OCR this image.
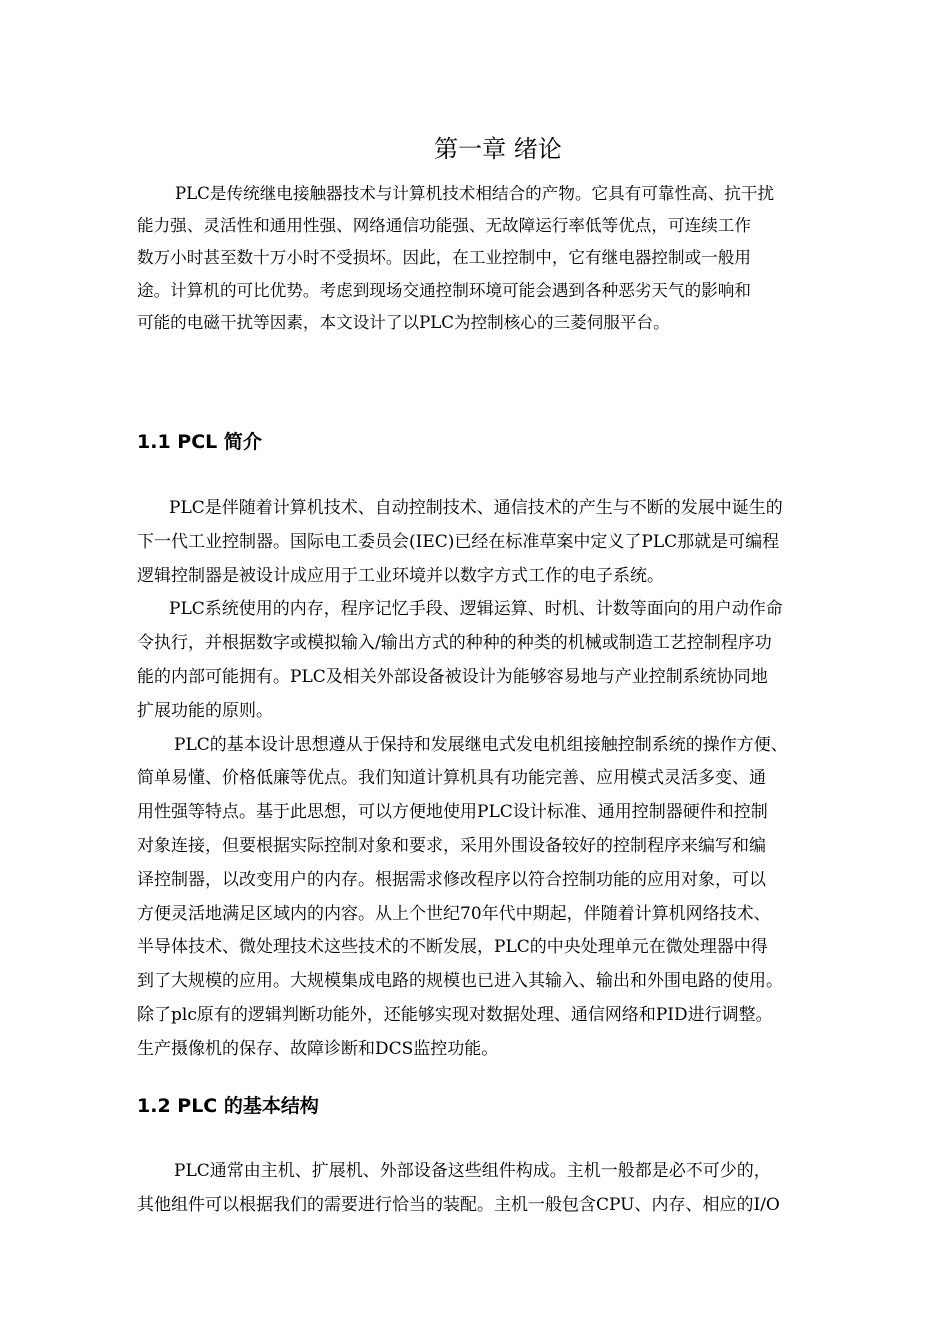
第一章 绪论
PLC是传统继电接触器技术与计算机技术相结合的产物。它具有可靠性高、抗干扰
能力强、灵活性和通用性强、网络通信功能强、无故障运行率低等优点，可连续工作
数万小时甚至数十万小时不受损坏。因此，在工业控制中，它有继电器控制或一般用
途。计算机的可比优势。考虑到现场交通控制环境可能会遇到各种恶劣天气的影响和
可能的电磁干扰等因素，本文设计了以PLC为控制核心的三菱伺服平台。
1.1 PCL 简介
PLC是伴随着计算机技术、自动控制技术、通信技术的产生与不断的发展中诞生的
下一代工业控制器。国际电工委员会(IEC)已经在标准草案中定义了PLC那就是可编程
逻辑控制器是被设计成应用于工业环境并以数字方式工作的电子系统。
PLC系统使用的内存，程序记忆手段、逻辑运算、时机、计数等面向的用户动作命
令执行，并根据数字或模拟输入/输出方式的种种的种类的机械或制造工艺控制程序功
能的内部可能拥有。PLC及相关外部设备被设计为能够容易地与产业控制系统协同地
扩展功能的原则。
PLC的基本设计思想遵从于保持和发展继电式发电机组接触控制系统的操作方便、
简单易懂、价格低廉等优点。我们知道计算机具有功能完善、应用模式灵活多变、通
用性强等特点。基于此思想，可以方便地使用PLC设计标准、通用控制器硬件和控制
对象连接，但要根据实际控制对象和要求，采用外围设备较好的控制程序来编写和编
译控制器，以改变用户的内存。根据需求修改程序以符合控制功能的应用对象，可以
方便灵活地满足区域内的内容。从上个世纪70年代中期起，伴随着计算机网络技术、
半导体技术、微处理技术这些技术的不断发展，PLC的中央处理单元在微处理器中得
到了大规模的应用。大规模集成电路的规模也已进入其输入、输出和外围电路的使用。
除了plc原有的逻辑判断功能外，还能够实现对数据处理、通信网络和PID进行调整。
生产摄像机的保存、故障诊断和DCS监控功能。
1.2 PLC 的基本结构
PLC通常由主机、扩展机、外部设备这些组件构成。主机一般都是必不可少的，
其他组件可以根据我们的需要进行恰当的装配。主机一般包含CPU、内存、相应的I/O
